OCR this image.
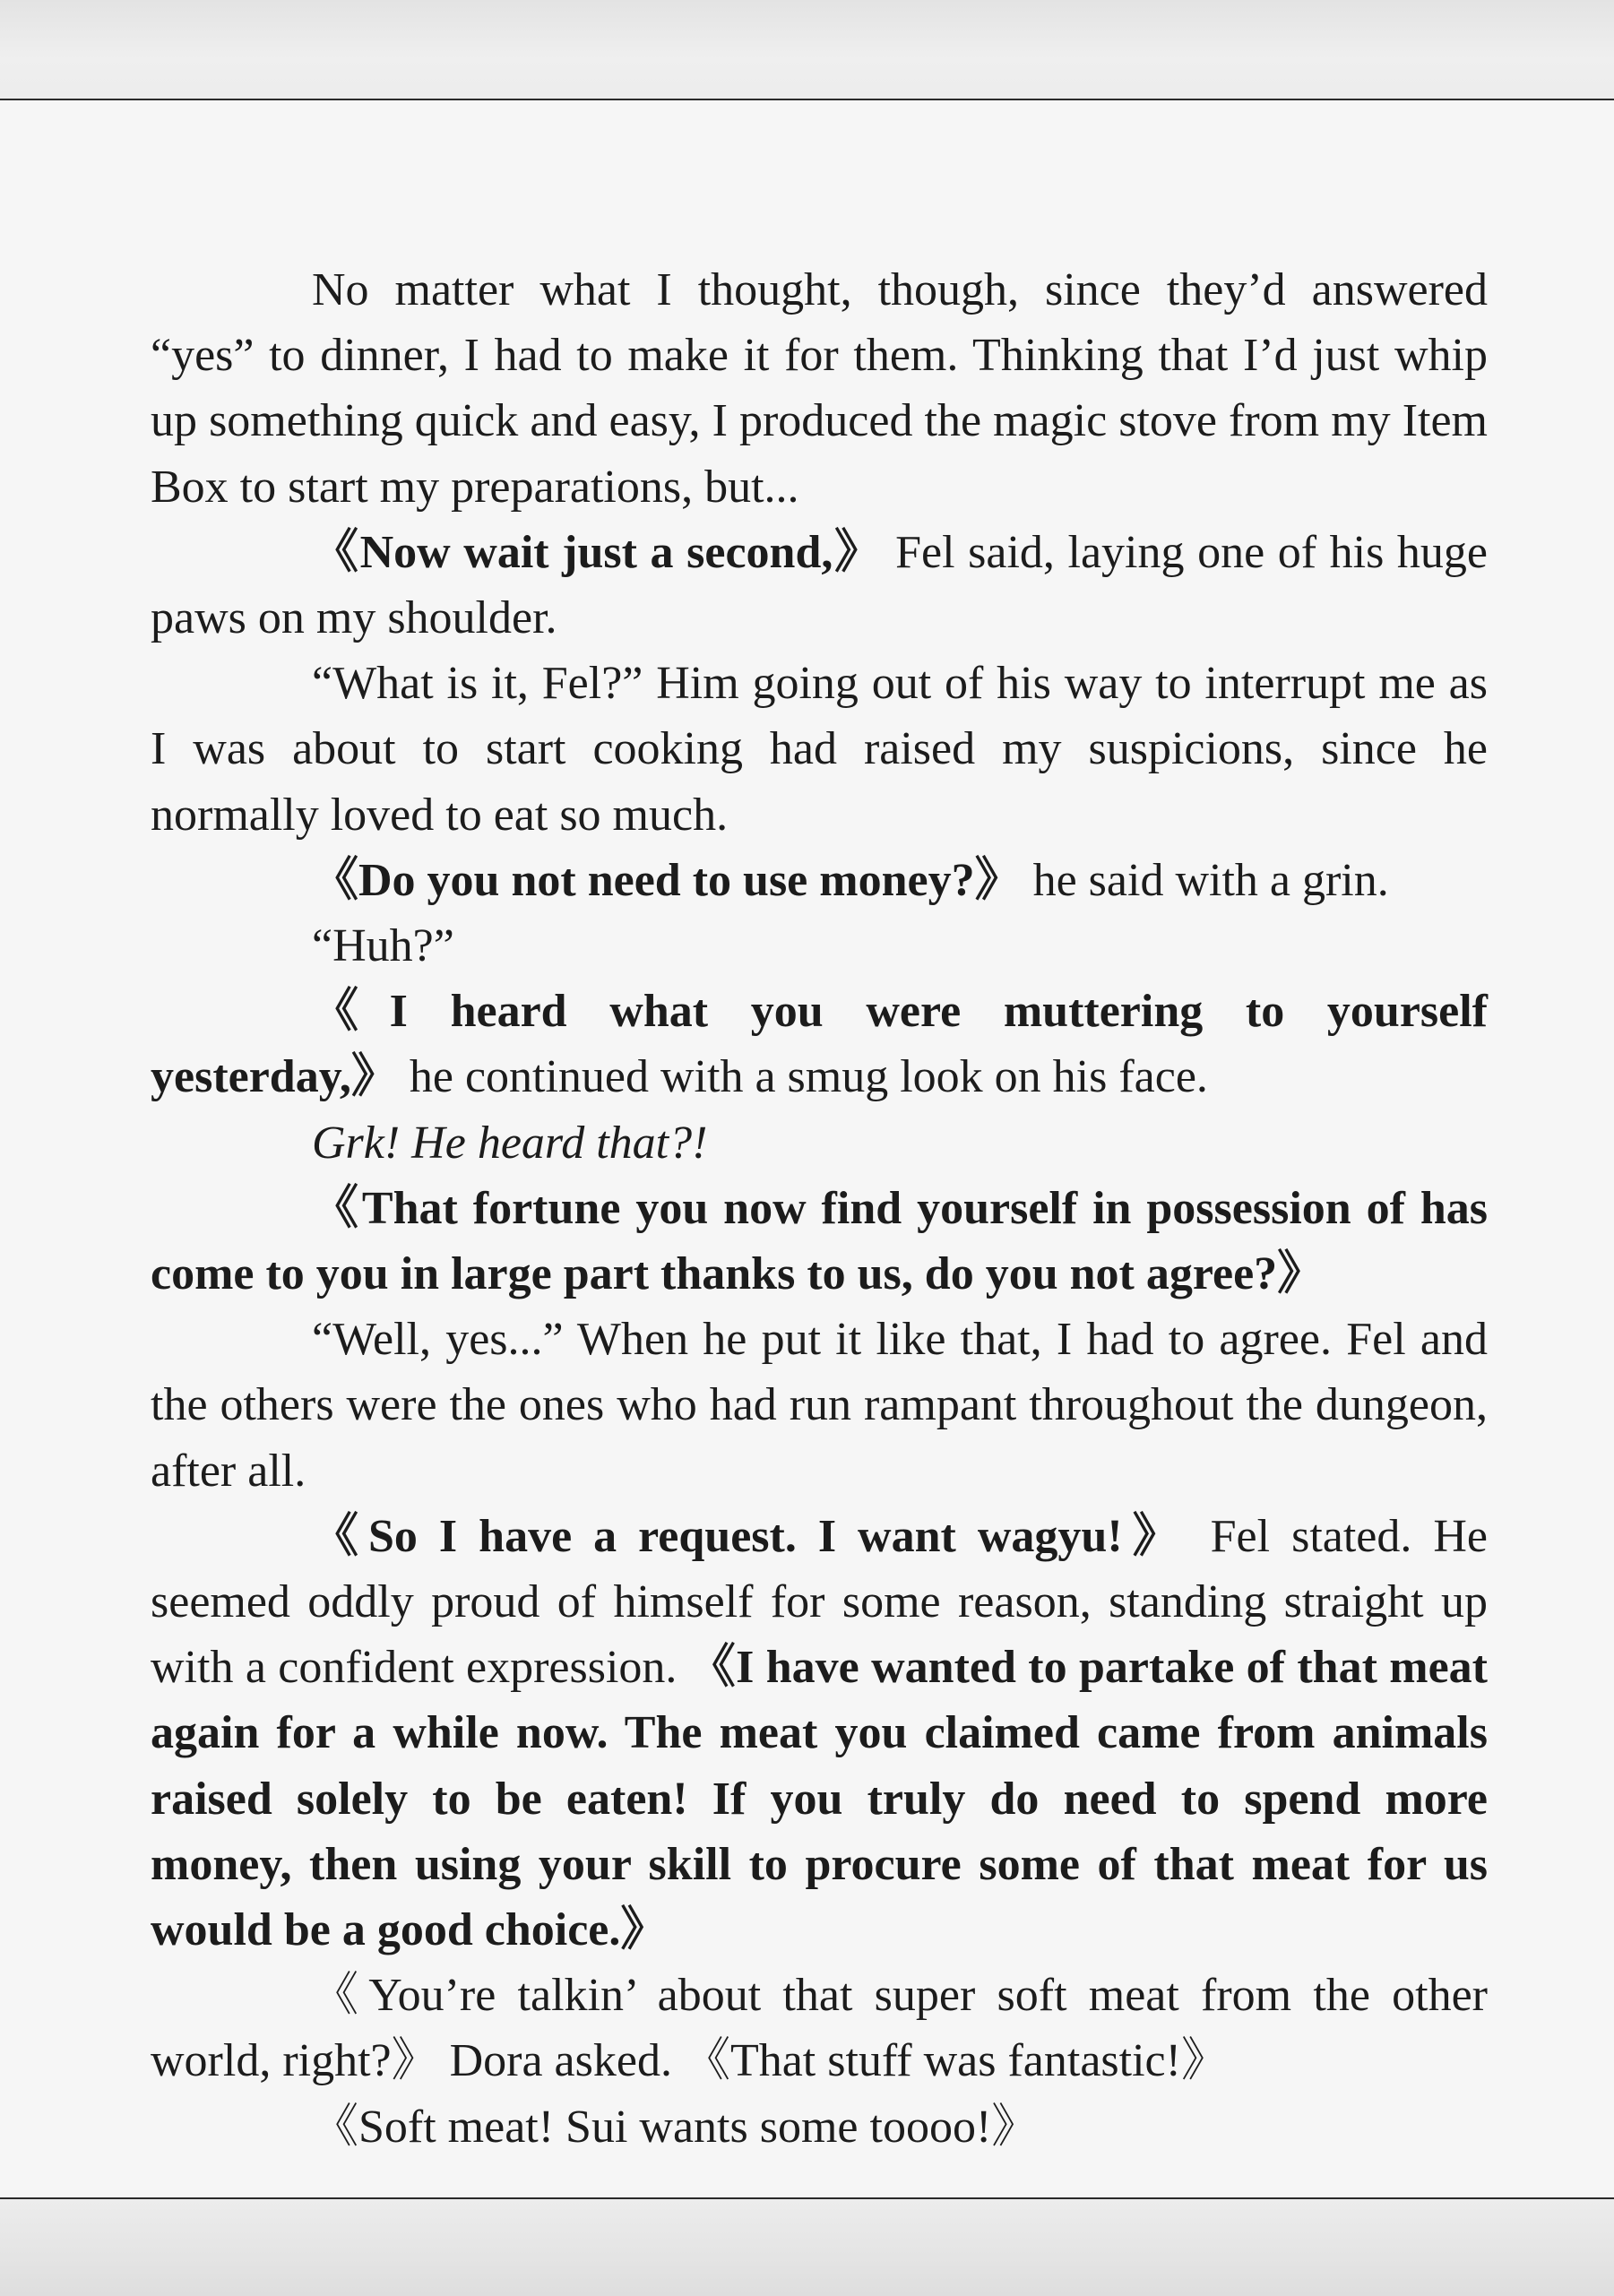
No matter what I thought, though, since they’d answered “yes” to dinner, I had to make it for them. Thinking that I’d just whip up something quick and easy, I produced the magic stove from my Item Box to start my preparations, but...

《Now wait just a second,》 Fel said, laying one of his huge paws on my shoulder.

“What is it, Fel?” Him going out of his way to interrupt me as I was about to start cooking had raised my suspicions, since he normally loved to eat so much.

《Do you not need to use money?》 he said with a grin.

“Huh?”

《I heard what you were muttering to yourself yesterday,》 he continued with a smug look on his face.

Grk! He heard that?!

《That fortune you now find yourself in possession of has come to you in large part thanks to us, do you not agree?》

“Well, yes...” When he put it like that, I had to agree. Fel and the others were the ones who had run rampant throughout the dungeon, after all.

《So I have a request. I want wagyu!》 Fel stated. He seemed oddly proud of himself for some reason, standing straight up with a confident expression. 《I have wanted to partake of that meat again for a while now. The meat you claimed came from animals raised solely to be eaten! If you truly do need to spend more money, then using your skill to procure some of that meat for us would be a good choice.》

《You’re talkin’ about that super soft meat from the other world, right?》 Dora asked. 《That stuff was fantastic!》

《Soft meat! Sui wants some toooo!》
